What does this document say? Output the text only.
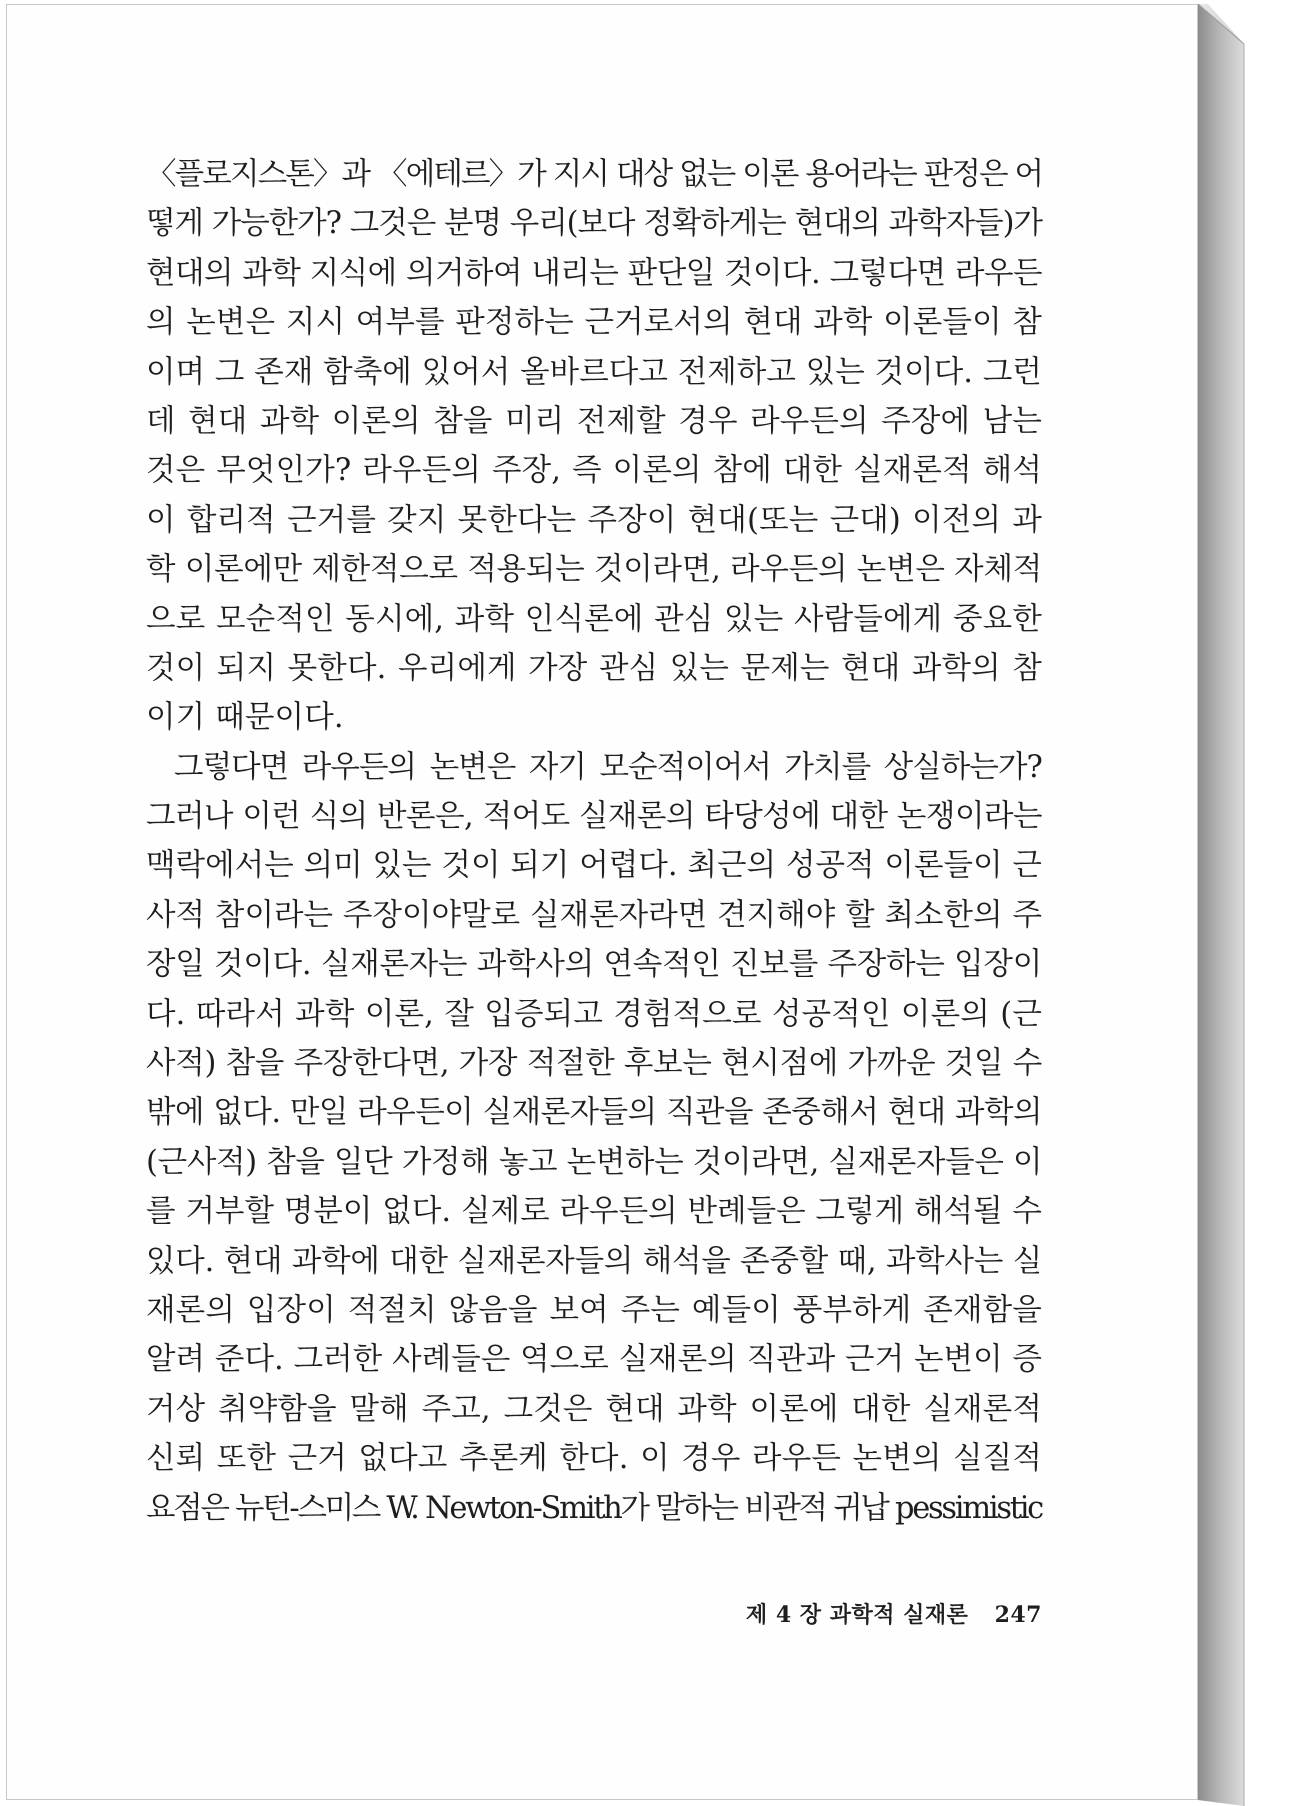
〈플로지스톤〉과 〈에테르〉가 지시 대상 없는 이론 용어라는 판정은 어
떻게 가능한가? 그것은 분명 우리(보다 정확하게는 현대의 과학자들)가
현대의 과학 지식에 의거하여 내리는 판단일 것이다. 그렇다면 라우든
의 논변은 지시 여부를 판정하는 근거로서의 현대 과학 이론들이 참
이며 그 존재 함축에 있어서 올바르다고 전제하고 있는 것이다. 그런
데 현대 과학 이론의 참을 미리 전제할 경우 라우든의 주장에 남는
것은 무엇인가? 라우든의 주장, 즉 이론의 참에 대한 실재론적 해석
이 합리적 근거를 갖지 못한다는 주장이 현대(또는 근대) 이전의 과
학 이론에만 제한적으로 적용되는 것이라면, 라우든의 논변은 자체적
으로 모순적인 동시에, 과학 인식론에 관심 있는 사람들에게 중요한
것이 되지 못한다. 우리에게 가장 관심 있는 문제는 현대 과학의 참
이기 때문이다.
그렇다면 라우든의 논변은 자기 모순적이어서 가치를 상실하는가?
그러나 이런 식의 반론은, 적어도 실재론의 타당성에 대한 논쟁이라는
맥락에서는 의미 있는 것이 되기 어렵다. 최근의 성공적 이론들이 근
사적 참이라는 주장이야말로 실재론자라면 견지해야 할 최소한의 주
장일 것이다. 실재론자는 과학사의 연속적인 진보를 주장하는 입장이
다. 따라서 과학 이론, 잘 입증되고 경험적으로 성공적인 이론의 (근
사적) 참을 주장한다면, 가장 적절한 후보는 현시점에 가까운 것일 수
밖에 없다. 만일 라우든이 실재론자들의 직관을 존중해서 현대 과학의
(근사적) 참을 일단 가정해 놓고 논변하는 것이라면, 실재론자들은 이
를 거부할 명분이 없다. 실제로 라우든의 반례들은 그렇게 해석될 수
있다. 현대 과학에 대한 실재론자들의 해석을 존중할 때, 과학사는 실
재론의 입장이 적절치 않음을 보여 주는 예들이 풍부하게 존재함을
알려 준다. 그러한 사례들은 역으로 실재론의 직관과 근거 논변이 증
거상 취약함을 말해 주고, 그것은 현대 과학 이론에 대한 실재론적
신뢰 또한 근거 없다고 추론케 한다. 이 경우 라우든 논변의 실질적
요점은 뉴턴-스미스 W. Newton-Smith가 말하는 비관적 귀납 pessimistic
제 4 장 과학적 실재론 247
